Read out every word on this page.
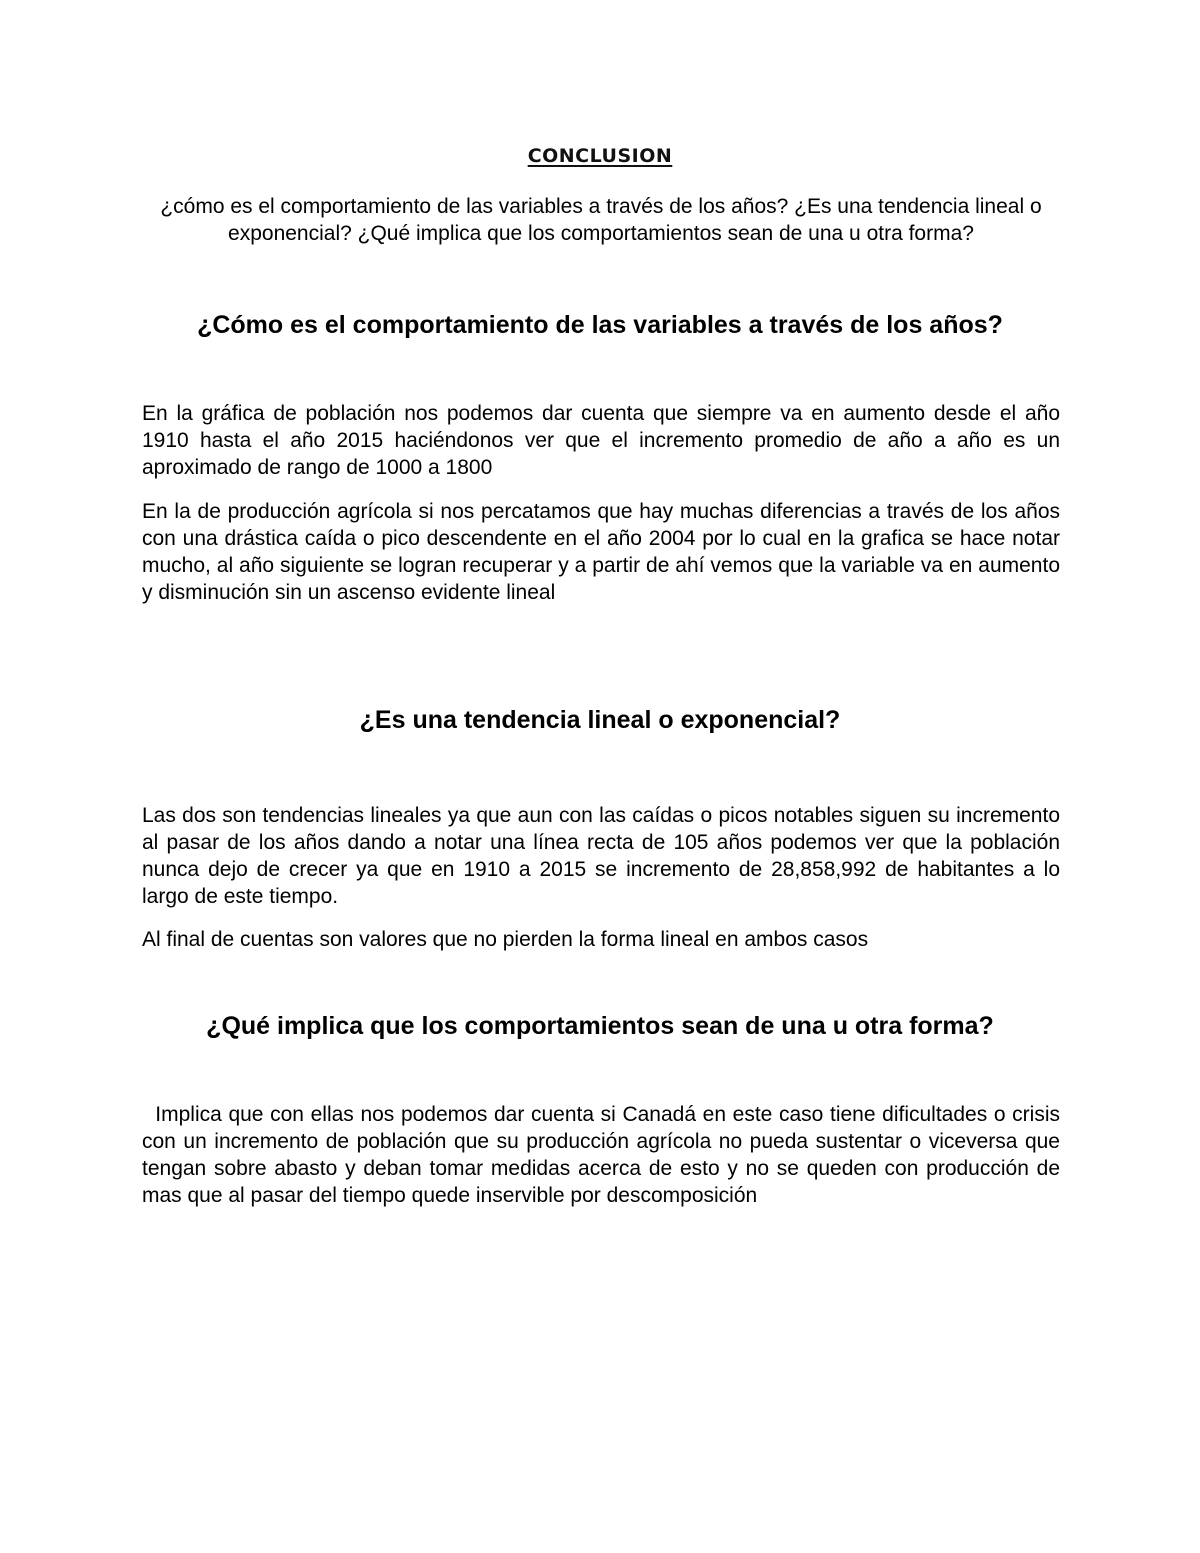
CONCLUSION

¿cómo es el comportamiento de las variables a través de los años? ¿Es una tendencia lineal o exponencial? ¿Qué implica que los comportamientos sean de una u otra forma?

¿Cómo es el comportamiento de las variables a través de los años?

En la gráfica de población nos podemos dar cuenta que siempre va en aumento desde el año 1910 hasta el año 2015 haciéndonos ver que el incremento promedio de año a año es un aproximado de rango de 1000 a 1800

En la de producción agrícola si nos percatamos que hay muchas diferencias a través de los años con una drástica caída o pico descendente en el año 2004 por lo cual en la grafica se hace notar mucho, al año siguiente se logran recuperar y a partir de ahí vemos que la variable va en aumento y disminución sin un ascenso evidente lineal

¿Es una tendencia lineal o exponencial?

Las dos son tendencias lineales ya que aun con las caídas o picos notables siguen su incremento al pasar de los años dando a notar una línea recta de 105 años podemos ver que la población nunca dejo de crecer ya que en 1910 a 2015 se incremento de 28,858,992 de habitantes a lo largo de este tiempo.

Al final de cuentas son valores que no pierden la forma lineal en ambos casos

¿Qué implica que los comportamientos sean de una u otra forma?

Implica que con ellas nos podemos dar cuenta si Canadá en este caso tiene dificultades o crisis con un incremento de población que su producción agrícola no pueda sustentar o viceversa que tengan sobre abasto y deban tomar medidas acerca de esto y no se queden con producción de mas que al pasar del tiempo quede inservible por descomposición
